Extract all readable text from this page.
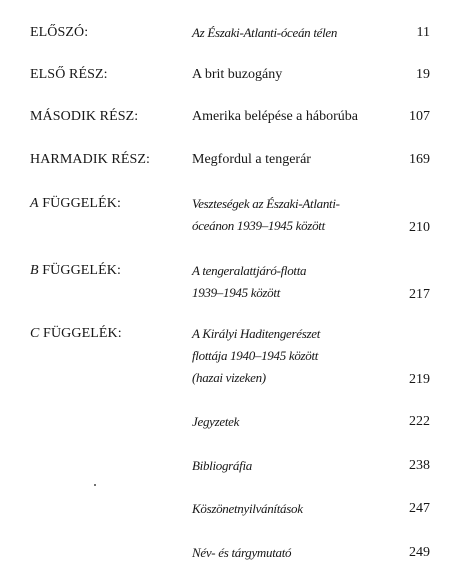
ELŐSZÓ:	Az Északi-Atlanti-óceán télen	11
ELSŐ RÉSZ:	A brit buzogány	19
MÁSODIK RÉSZ:	Amerika belépése a háborúba	107
HARMADIK RÉSZ:	Megfordul a tengerár	169
A FÜGGELÉK:	Veszteségek az Északi-Atlanti-
óceánon 1939–1945 között	210
B FÜGGELÉK:	A tengeralattjáró-flotta
1939–1945 között	217
C FÜGGELÉK:	A Királyi Haditengerészet
flottája 1940–1945 között
(hazai vizeken)	219
Jegyzetek	222
Bibliográfia	238
Köszönetnyilvánítások	247
Név- és tárgymutató	249
